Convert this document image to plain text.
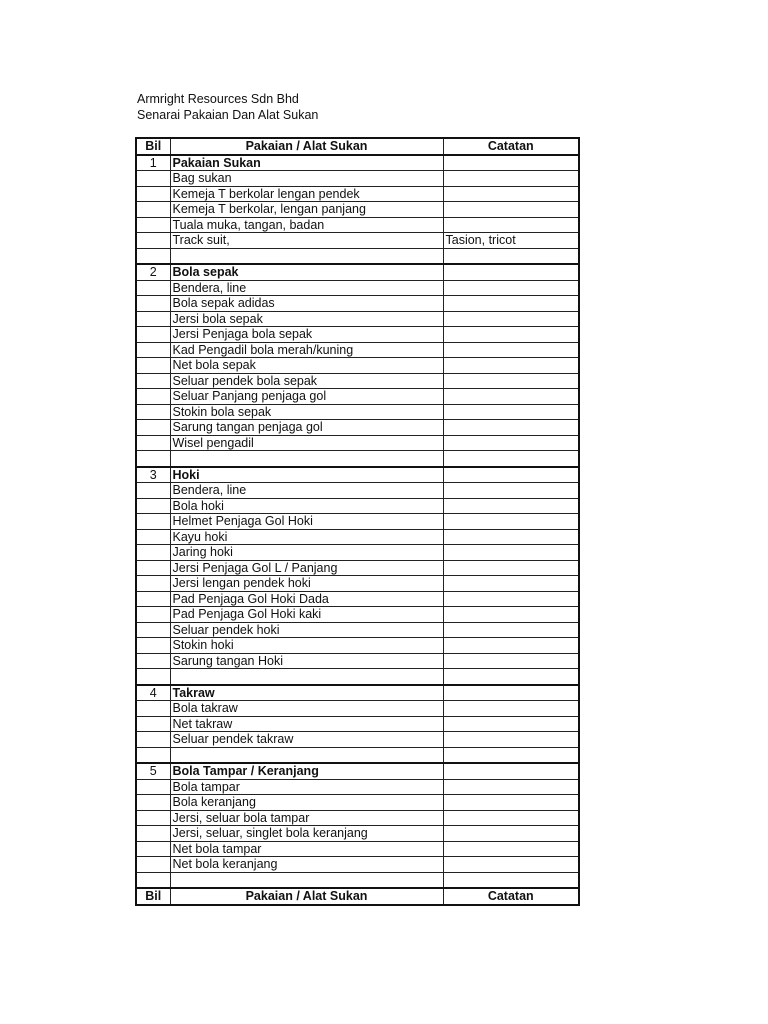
Armright Resources Sdn Bhd
Senarai Pakaian Dan Alat Sukan
Bil	Pakaian / Alat Sukan	Catatan
1	Pakaian Sukan	
	Bag sukan	
	Kemeja T berkolar lengan pendek	
	Kemeja T berkolar, lengan panjang	
	Tuala muka, tangan, badan	
	Track suit,	Tasion, tricot

2	Bola sepak	
	Bendera, line	
	Bola sepak adidas	
	Jersi bola sepak	
	Jersi Penjaga bola sepak	
	Kad Pengadil bola merah/kuning	
	Net bola sepak	
	Seluar pendek bola sepak	
	Seluar Panjang penjaga gol	
	Stokin bola sepak	
	Sarung tangan penjaga gol	
	Wisel pengadil	

3	Hoki	
	Bendera, line	
	Bola hoki	
	Helmet Penjaga Gol Hoki	
	Kayu hoki	
	Jaring hoki	
	Jersi Penjaga Gol L / Panjang	
	Jersi lengan pendek hoki	
	Pad Penjaga Gol Hoki Dada	
	Pad Penjaga Gol Hoki kaki	
	Seluar pendek hoki	
	Stokin hoki	
	Sarung tangan Hoki	

4	Takraw	
	Bola takraw	
	Net takraw	
	Seluar pendek takraw	

5	Bola Tampar / Keranjang	
	Bola tampar	
	Bola keranjang	
	Jersi, seluar bola tampar	
	Jersi, seluar, singlet bola keranjang	
	Net bola tampar	
	Net bola keranjang	

Bil	Pakaian / Alat Sukan	Catatan
